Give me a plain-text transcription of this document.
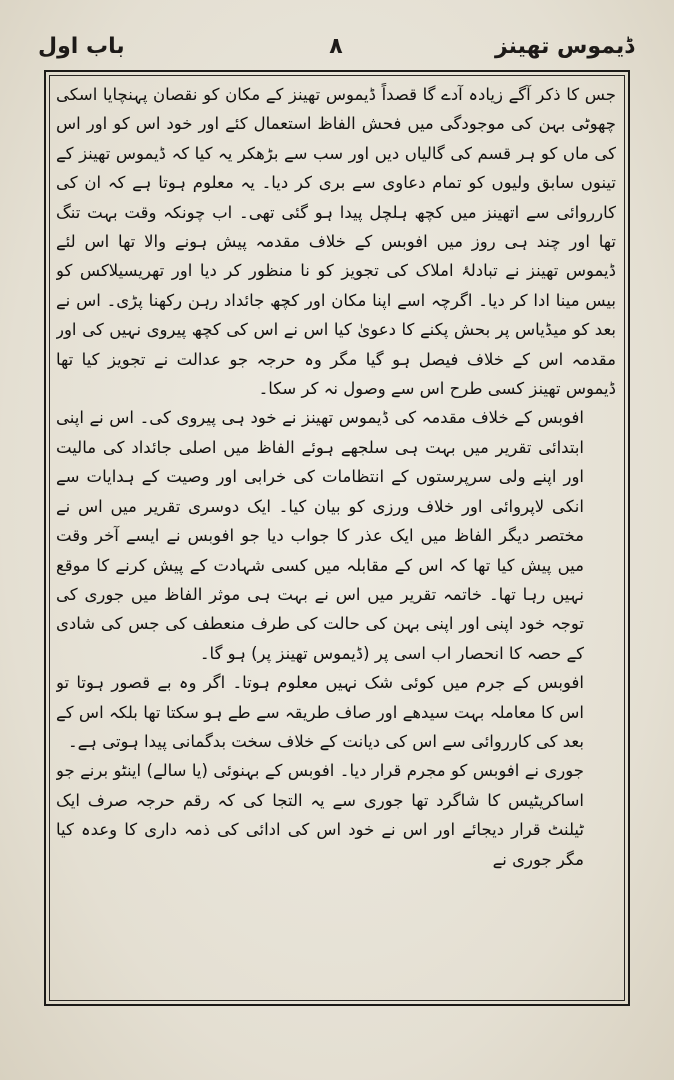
ڈیموس تھینز
۸
باب اول

جس کا ذکر آگے زیادہ آدے گا قصداً ڈیموس تھینز کے مکان کو نقصان پہنچایا اسکی چھوٹی بہن کی موجودگی میں فحش الفاظ استعمال کئے اور خود اس کو اور اس کی ماں کو ہر قسم کی گالیاں دیں اور سب سے بڑھکر یہ کیا کہ ڈیموس تھینز کے تینوں سابق ولیوں کو تمام دعاوی سے بری کر دیا۔ یہ معلوم ہوتا ہے کہ ان کی کارروائی سے اتھینز میں کچھ ہلچل پیدا ہو گئی تھی۔ اب چونکہ وقت بہت تنگ تھا اور چند ہی روز میں افوبس کے خلاف مقدمہ پیش ہونے والا تھا اس لئے ڈیموس تھینز نے تبادلۂ املاک کی تجویز کو نا منظور کر دیا اور تھریسیلاکس کو بیس مینا ادا کر دیا۔ اگرچہ اسے اپنا مکان اور کچھ جائداد رہن رکھنا پڑی۔ اس نے بعد کو میڈیاس پر بحش پکنے کا دعویٰ کیا اس نے اس کی کچھ پیروی نہیں کی اور مقدمہ اس کے خلاف فیصل ہو گیا مگر وہ حرجہ جو عدالت نے تجویز کیا تھا ڈیموس تھینز کسی طرح اس سے وصول نہ کر سکا۔

افوبس کے خلاف مقدمہ کی ڈیموس تھینز نے خود ہی پیروی کی۔ اس نے اپنی ابتدائی تقریر میں بہت ہی سلجھے ہوئے الفاظ میں اصلی جائداد کی مالیت اور اپنے ولی سرپرستوں کے انتظامات کی خرابی اور وصیت کے ہدایات سے انکی لاپروائی اور خلاف ورزی کو بیان کیا۔ ایک دوسری تقریر میں اس نے مختصر دیگر الفاظ میں ایک عذر کا جواب دیا جو افوبس نے ایسے آخر وقت میں پیش کیا تھا کہ اس کے مقابلہ میں کسی شہادت کے پیش کرنے کا موقع نہیں رہا تھا۔ خاتمہ تقریر میں اس نے بہت ہی موثر الفاظ میں جوری کی توجہ خود اپنی اور اپنی بہن کی حالت کی طرف منعطف کی جس کی شادی کے حصہ کا انحصار اب اسی پر (ڈیموس تھینز پر) ہو گا۔

افوبس کے جرم میں کوئی شک نہیں معلوم ہوتا۔ اگر وہ بے قصور ہوتا تو اس کا معاملہ بہت سیدھے اور صاف طریقہ سے طے ہو سکتا تھا بلکہ اس کے بعد کی کارروائی سے اس کی دیانت کے خلاف سخت بدگمانی پیدا ہوتی ہے۔

جوری نے افوبس کو مجرم قرار دیا۔ افوبس کے بہنوئی (یا سالے) اینٹو برنے جو اساکریٹیس کا شاگرد تھا جوری سے یہ التجا کی کہ رقم حرجہ صرف ایک ٹیلنٹ قرار دیجائے اور اس نے خود اس کی ادائی کی ذمہ داری کا وعدہ کیا مگر جوری نے
